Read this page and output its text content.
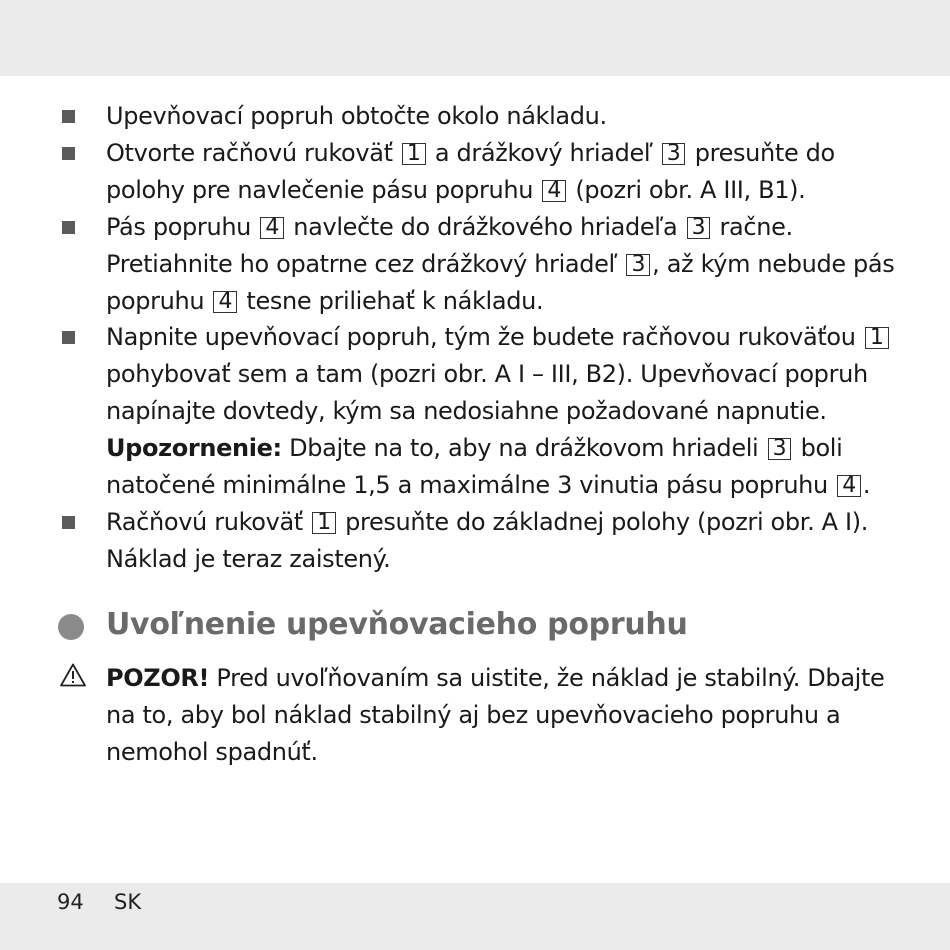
Upevňovací popruh obtočte okolo nákladu.
Otvorte račňovú rukoväť 1 a drážkový hriadeľ 3 presuňte do
polohy pre navlečenie pásu popruhu 4 (pozri obr. A III, B1).
Pás popruhu 4 navlečte do drážkového hriadeľa 3 račne.
Pretiahnite ho opatrne cez drážkový hriadeľ 3 , až kým nebude pás
popruhu 4 tesne priliehať k nákladu.
Napnite upevňovací popruh, tým že budete račňovou rukoväťou 1
pohybovať sem a tam (pozri obr. A I – III, B2). Upevňovací popruh
napínajte dovtedy, kým sa nedosiahne požadované napnutie.
Upozornenie: Dbajte na to, aby na drážkovom hriadeli 3 boli
natočené minimálne 1,5 a maximálne 3 vinutia pásu popruhu 4 .
Račňovú rukoväť 1 presuňte do základnej polohy (pozri obr. A I).
Náklad je teraz zaistený.
Uvoľnenie upevňovacieho popruhu
POZOR! Pred uvoľňovaním sa uistite, že náklad je stabilný. Dbajte
na to, aby bol náklad stabilný aj bez upevňovacieho popruhu a
nemohol spadnúť.
94 SK
